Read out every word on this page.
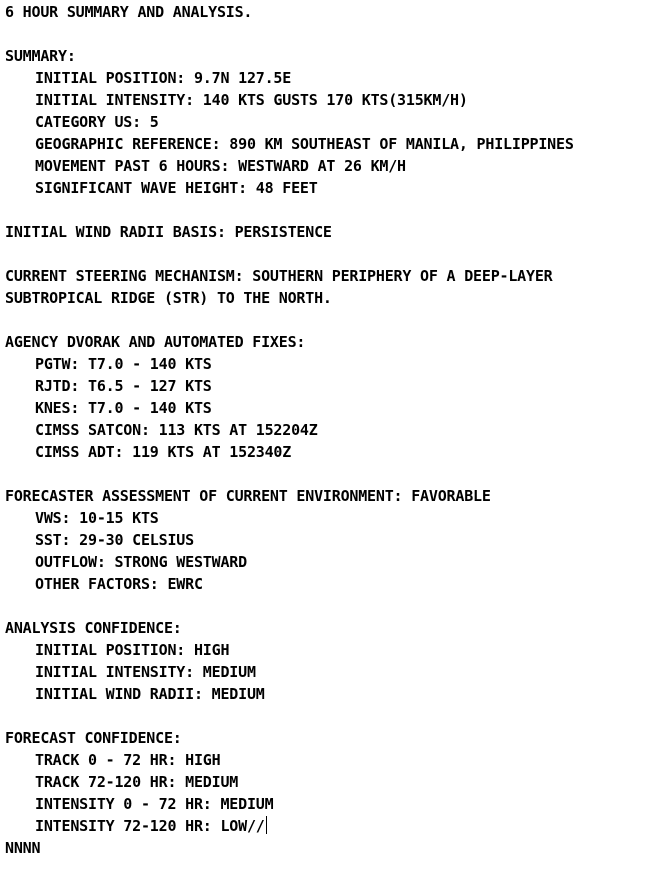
6 HOUR SUMMARY AND ANALYSIS.
SUMMARY:
INITIAL POSITION: 9.7N 127.5E
INITIAL INTENSITY: 140 KTS GUSTS 170 KTS(315KM/H)
CATEGORY US: 5
GEOGRAPHIC REFERENCE: 890 KM SOUTHEAST OF MANILA, PHILIPPINES
MOVEMENT PAST 6 HOURS: WESTWARD AT 26 KM/H
SIGNIFICANT WAVE HEIGHT: 48 FEET
INITIAL WIND RADII BASIS: PERSISTENCE
CURRENT STEERING MECHANISM: SOUTHERN PERIPHERY OF A DEEP-LAYER
SUBTROPICAL RIDGE (STR) TO THE NORTH.
AGENCY DVORAK AND AUTOMATED FIXES:
PGTW: T7.0 - 140 KTS
RJTD: T6.5 - 127 KTS
KNES: T7.0 - 140 KTS
CIMSS SATCON: 113 KTS AT 152204Z
CIMSS ADT: 119 KTS AT 152340Z
FORECASTER ASSESSMENT OF CURRENT ENVIRONMENT: FAVORABLE
VWS: 10-15 KTS
SST: 29-30 CELSIUS
OUTFLOW: STRONG WESTWARD
OTHER FACTORS: EWRC
ANALYSIS CONFIDENCE:
INITIAL POSITION: HIGH
INITIAL INTENSITY: MEDIUM
INITIAL WIND RADII: MEDIUM
FORECAST CONFIDENCE:
TRACK 0 - 72 HR: HIGH
TRACK 72-120 HR: MEDIUM
INTENSITY 0 - 72 HR: MEDIUM
INTENSITY 72-120 HR: LOW//
NNNN
